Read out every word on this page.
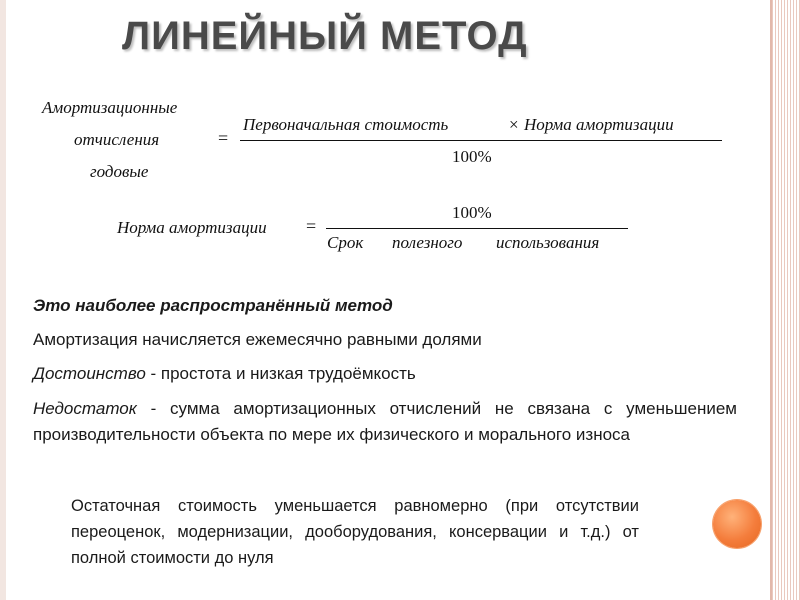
ЛИНЕЙНЫЙ МЕТОД
Амортизационные
отчисления
годовые
=
Первоначальная стоимость	× Норма амортизации
100%
Норма амортизации =
100%
Срок полезного использования
Это наиболее распространённый метод
Амортизация начисляется ежемесячно равными долями
Достоинство - простота и низкая трудоёмкость
Недостаток - сумма амортизационных отчислений не связана с уменьшением производительности объекта по мере их физического и морального износа
Остаточная стоимость уменьшается равномерно (при отсутствии переоценок, модернизации, дооборудования, консервации и т.д.) от полной стоимости до нуля
